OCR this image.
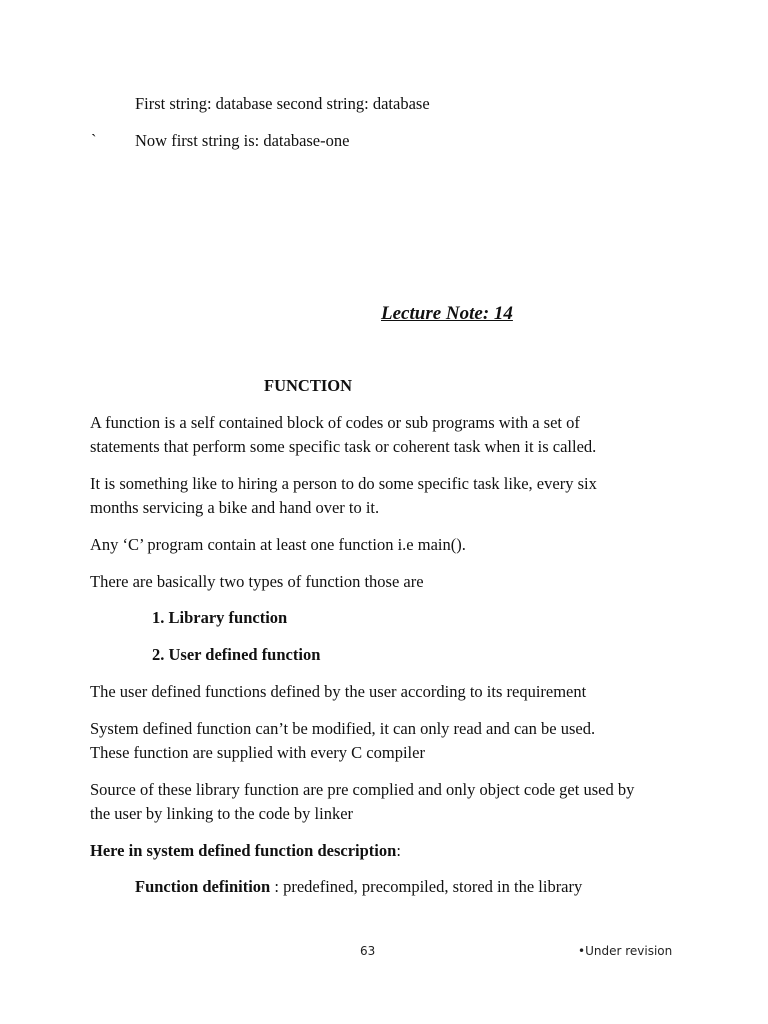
First string: database second string: database
` Now first string is: database-one
Lecture Note: 14
FUNCTION
A function is a self contained block of codes or sub programs with a set of
statements that perform some specific task or coherent task when it is called.
It is something like to hiring a person to do some specific task like, every six
months servicing a bike and hand over to it.
Any ‘C’ program contain at least one function i.e main().
There are basically two types of function those are
1. Library function
2. User defined function
The user defined functions defined by the user according to its requirement
System defined function can’t be modified, it can only read and can be used.
These function are supplied with every C compiler
Source of these library function are pre complied and only object code get used by
the user by linking to the code by linker
Here in system defined function description:
Function definition : predefined, precompiled, stored in the library
63	•Under revision
